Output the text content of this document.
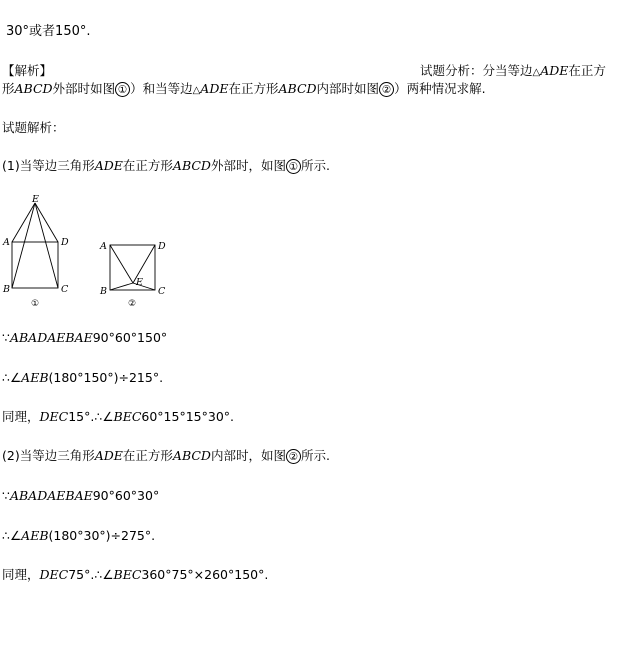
30°或者150°.
【解析】	试题分析：分当等边△ADE在正方
形ABCD外部时如图 ① ）和当等边△ADE在正方形ABCD内部时如图 ② ）两种情况求解.
试题解析：
(1)当等边三角形ADE在正方形ABCD外部时，如图 ① 所示.
E
A	D
B	C
①
A	D
E
B	C
②
∵ABADAEBAE90°60°150°
∴∠AEB(180°150°)÷215°.
同理，DEC15°.∴∠BEC60°15°15°30°.
(2)当等边三角形ADE在正方形ABCD内部时，如图 ② 所示.
∵ABADAEBAE90°60°30°
∴∠AEB(180°30°)÷275°.
同理，DEC75°.∴∠BEC360°75°×260°150°.
